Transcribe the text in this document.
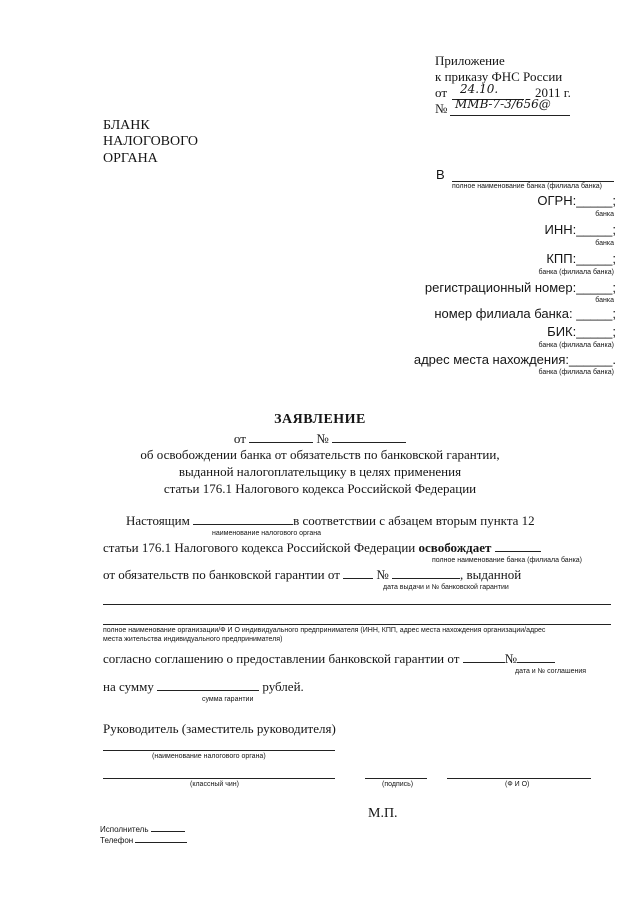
Приложение
к приказу ФНС России
от 24.10.	2011 г.
№ ММВ-7-3/656@
БЛАНК
НАЛОГОВОГО
ОРГАНА
В
полное наименование банка (филиала банка)
ОГРН:_____;
банка
ИНН:_____;
банка
КПП:_____;
банка (филиала банка)
регистрационный номер:_____;
банка
номер филиала банка: _____;
БИК:_____;
банка (филиала банка)
адрес места нахождения:______.
банка (филиала банка)
ЗАЯВЛЕНИЕ
от	№
об освобождении банка от обязательств по банковской гарантии,
выданной налогоплательщику в целях применения
статьи 176.1 Налогового кодекса Российской Федерации
Настоящим	в соответствии с абзацем вторым пункта 12
наименование налогового органа
статьи 176.1 Налогового кодекса Российской Федерации освобождает
полное наименование банка (филиала банка)
от обязательств по банковской гарантии от	№	, выданной
дата выдачи и № банковской гарантии
полное наименование организации/Ф И О индивидуального предпринимателя (ИНН, КПП, адрес места нахождения организации/адрес
места жительства индивидуального предпринимателя)
согласно соглашению о предоставлении банковской гарантии от	№
дата и № соглашения
на сумму	рублей.
сумма гарантии
Руководитель (заместитель руководителя)
(наименование налогового органа)
(классный чин)	(подпись)	(Ф И О)
М.П.
Исполнитель
Телефон
